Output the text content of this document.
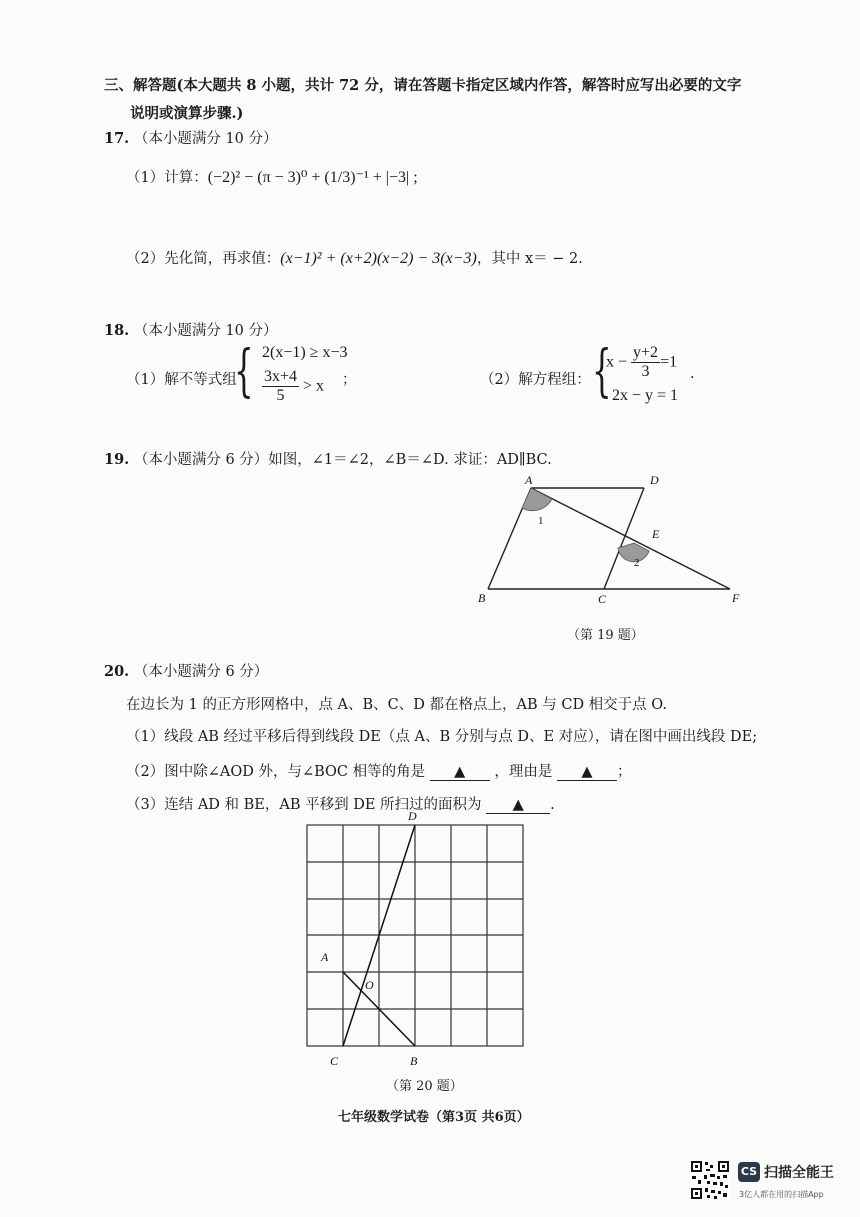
三、解答题(本大题共 8 小题，共计 72 分，请在答题卡指定区域内作答，解答时应写出必要的文字
说明或演算步骤.)
17. （本小题满分 10 分）
（1）计算：(−2)² − (π − 3)⁰ + (1/3)⁻¹ + |−3| ;
（2）先化简，再求值：(x−1)² + (x+2)(x−2) − 3(x−3)，其中 x＝ − 2.
18. （本小题满分 10 分）
（1）解不等式组
{ 2(x−1) ≥ x−3
$\frac{3x+4}{5} > x$ ；	（2）解方程组： {
$x - \frac{y+2}{3} =1$
2x − y = 1
.
19. （本小题满分 6 分）如图，∠1＝∠2，∠B＝∠D. 求证：AD∥BC.
A	D
E
B	C	F
1
2
（第 19 题）
20. （本小题满分 6 分）
在边长为 1 的正方形网格中，点 A、B、C、D 都在格点上，AB 与 CD 相交于点 O.
（1）线段 AB 经过平移后得到线段 DE（点 A、B 分别与点 D、E 对应），请在图中画出线段 DE;
（2）图中除∠AOD 外，与∠BOC 相等的角是 ▲ ，理由是 ▲ ；
（3）连结 AD 和 BE，AB 平移到 DE 所扫过的面积为 ▲ .
D
A
O
C	B
（第 20 题）
七年级数学试卷（第3页 共6页）
CS 扫描全能王
3亿人都在用的扫描App
